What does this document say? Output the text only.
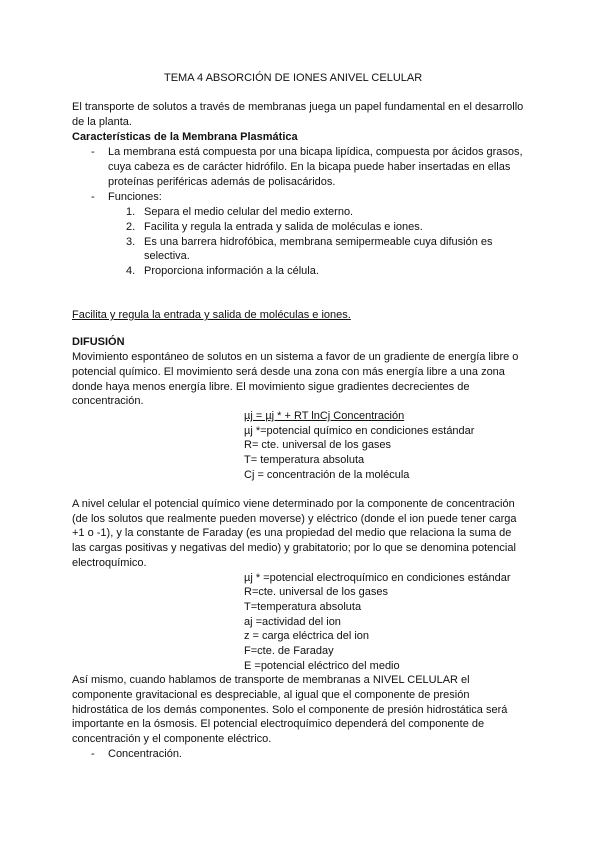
TEMA 4 ABSORCIÓN DE IONES ANIVEL CELULAR
El transporte de solutos a través de membranas juega un papel fundamental en el desarrollo
de la planta.
Características de la Membrana Plasmática
- La membrana está compuesta por una bicapa lipídica, compuesta por ácidos grasos,
cuya cabeza es de carácter hidrófilo. En la bicapa puede haber insertadas en ellas
proteínas periféricas además de polisacáridos.
- Funciones:
1. Separa el medio celular del medio externo.
2. Facilita y regula la entrada y salida de moléculas e iones.
3. Es una barrera hidrofóbica, membrana semipermeable cuya difusión es
selectiva.
4. Proporciona información a la célula.
Facilita y regula la entrada y salida de moléculas e iones.
DIFUSIÓN
Movimiento espontáneo de solutos en un sistema a favor de un gradiente de energía libre o
potencial químico. El movimiento será desde una zona con más energía libre a una zona
donde haya menos energía libre. El movimiento sigue gradientes decrecientes de
concentración.
µj = µj * + RT lnCj Concentración
µj *=potencial químico en condiciones estándar
R= cte. universal de los gases
T= temperatura absoluta
Cj = concentración de la molécula
A nivel celular el potencial químico viene determinado por la componente de concentración
(de los solutos que realmente pueden moverse) y eléctrico (donde el ion puede tener carga
+1 o -1), y la constante de Faraday (es una propiedad del medio que relaciona la suma de
las cargas positivas y negativas del medio) y grabitatorio; por lo que se denomina potencial
electroquímico.
µj * =potencial electroquímico en condiciones estándar
R=cte. universal de los gases
T=temperatura absoluta
aj =actividad del ion
z = carga eléctrica del ion
F=cte. de Faraday
E =potencial eléctrico del medio
Así mismo, cuando hablamos de transporte de membranas a NIVEL CELULAR el
componente gravitacional es despreciable, al igual que el componente de presión
hidrostática de los demás componentes. Solo el componente de presión hidrostática será
importante en la ósmosis. El potencial electroquímico dependerá del componente de
concentración y el componente eléctrico.
- Concentración.
